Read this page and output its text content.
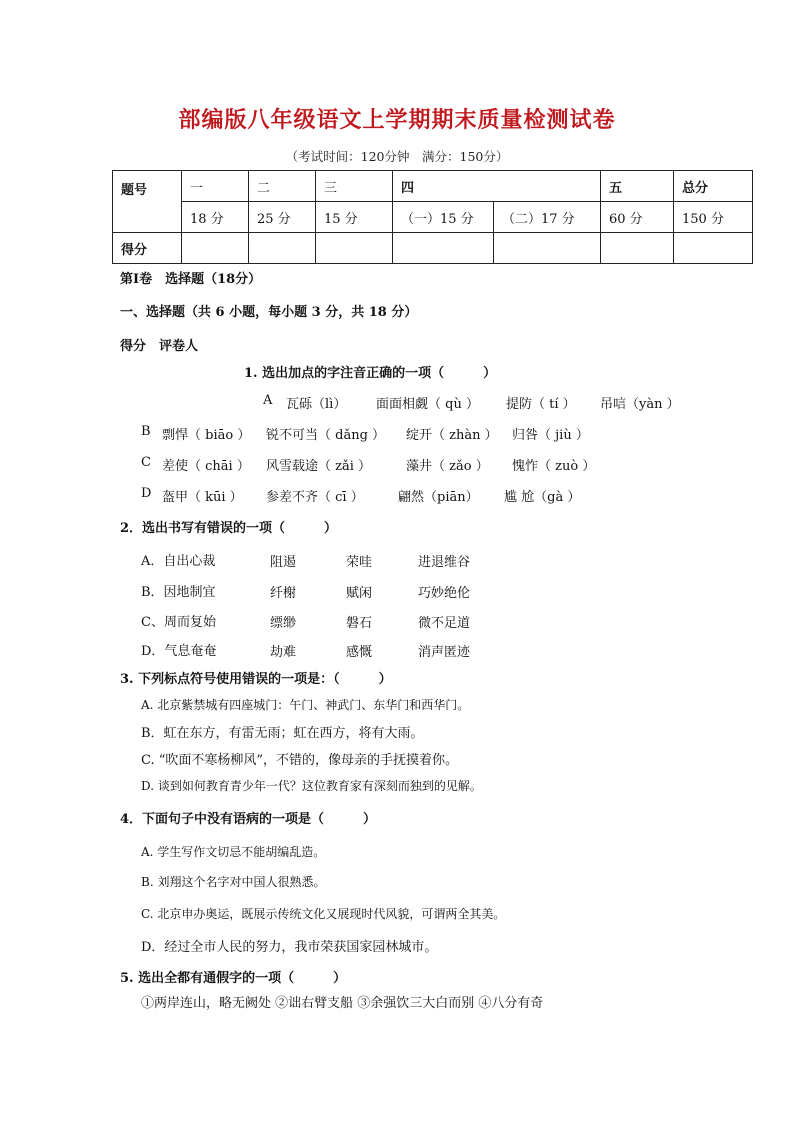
部编版八年级语文上学期期末质量检测试卷
（考试时间：120分钟　满分：150分）
题号	一	二	三	四		五	总分
	18 分	25 分	15 分	（一）15 分	（二）17 分	60 分	150 分
得分							
第Ⅰ卷　选择题（18分）
一、选择题（共 6 小题，每小题 3 分，共 18 分）
得分　评卷人
1. 选出加点的字注音正确的一项（　　　）
A 瓦砾（lì） 面面相觑（ qù ） 提防（ tí ） 吊唁（yàn ）
B 剽悍（ biāo ） 锐不可当（ dǎng ） 绽开（ zhàn ） 归咎（ jiù ）
C 差使（ chāi ） 风雪载途（ zǎi ）	藻井（ zǎo ） 愧怍（ zuò ）
D 盔甲（ kūi ） 参差不齐（ cī ）	翩然（piān） 尴 尬（gà ）
2．选出书写有错误的一项（　　　）
A．自出心裁	阻遏	荣哇	进退维谷
B．因地制宜	纤榭	赋闲	巧妙绝伦
C、周而复始	缥缈	磐石	微不足道
D．气息奄奄	劫难	感慨	消声匿迹
3. 下列标点符号使用错误的一项是：（　　　）
A. 北京紫禁城有四座城门：午门、神武门、东华门和西华门。
B．虹在东方，有雷无雨；虹在西方，将有大雨。
C. “吹面不寒杨柳风”，不错的，像母亲的手抚摸着你。
D. 谈到如何教育青少年一代？这位教育家有深刻而独到的见解。
4．下面句子中没有语病的一项是（　　　）
A. 学生写作文切忌不能胡编乱造。
B. 刘翔这个名字对中国人很熟悉。
C. 北京申办奥运，既展示传统文化又展现时代风貌，可谓两全其美。
D．经过全市人民的努力，我市荣获国家园林城市。
5. 选出全都有通假字的一项（　　　）
①两岸连山，略无阙处 ②诎右臂支船 ③余强饮三大白而别 ④八分有奇
